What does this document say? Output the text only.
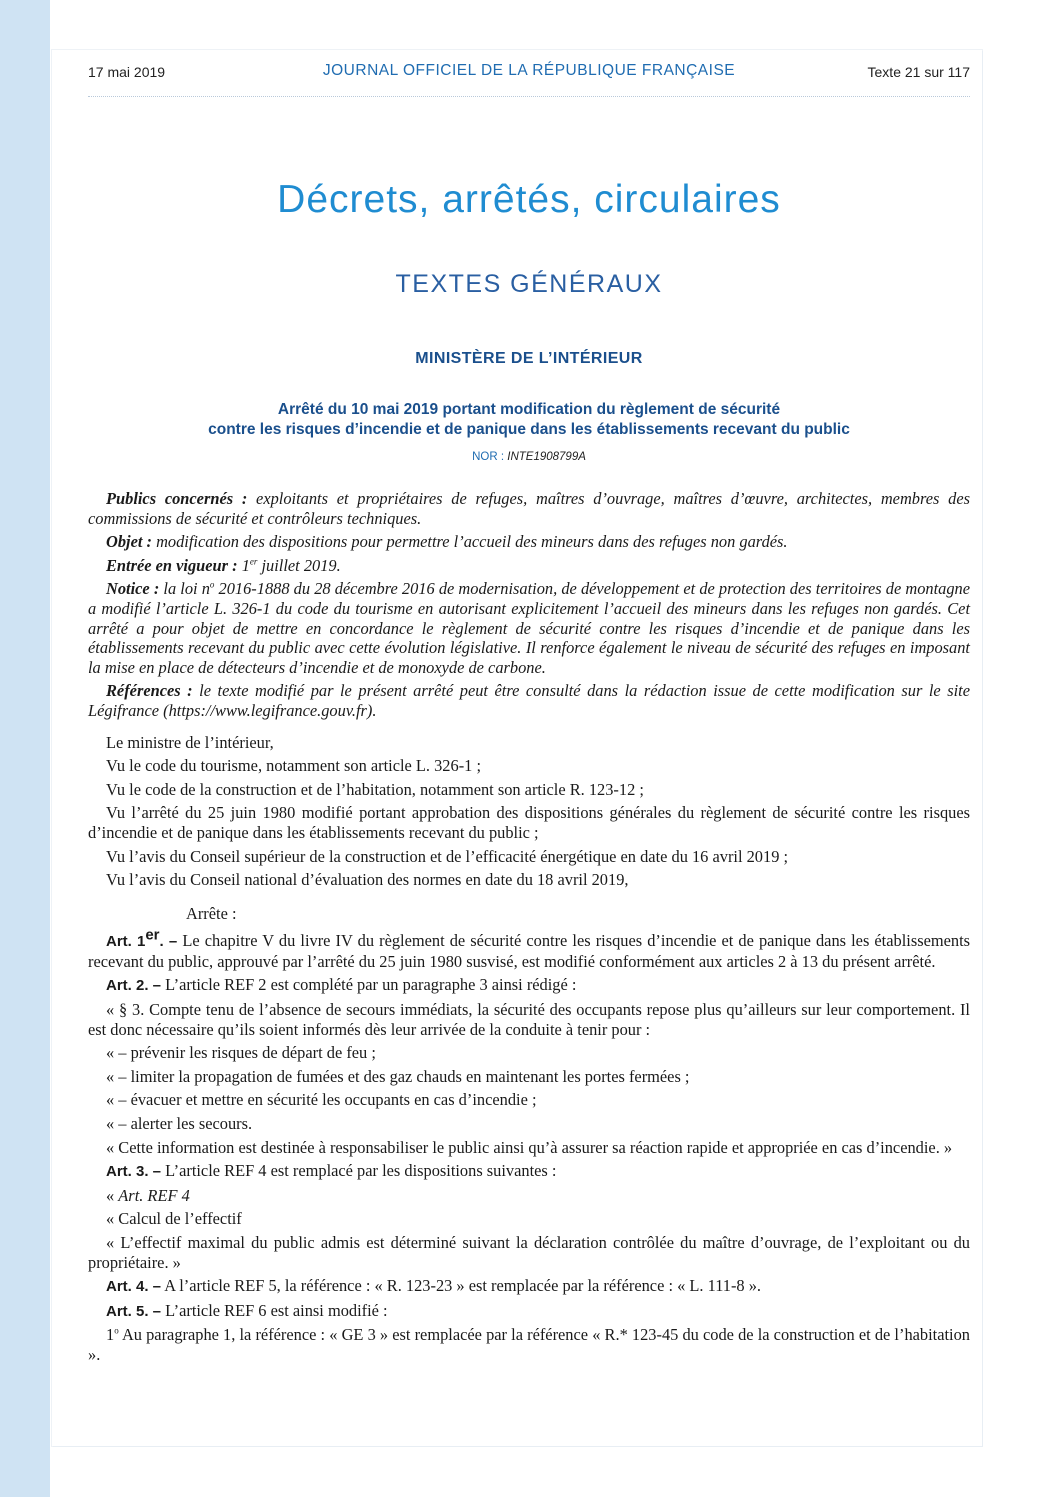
17 mai 2019	JOURNAL OFFICIEL DE LA RÉPUBLIQUE FRANÇAISE	Texte 21 sur 117
Décrets, arrêtés, circulaires
TEXTES GÉNÉRAUX
MINISTÈRE DE L’INTÉRIEUR
Arrêté du 10 mai 2019 portant modification du règlement de sécurité
contre les risques d’incendie et de panique dans les établissements recevant du public
NOR : INTE1908799A

Publics concernés : exploitants et propriétaires de refuges, maîtres d’ouvrage, maîtres d’œuvre, architectes, membres des commissions de sécurité et contrôleurs techniques.

Objet : modification des dispositions pour permettre l’accueil des mineurs dans des refuges non gardés.

Entrée en vigueur : 1er juillet 2019.

Notice : la loi $n^o$ 2016-1888 du 28 décembre 2016 de modernisation, de développement et de protection des territoires de montagne a modifié l’article L. 326-1 du code du tourisme en autorisant explicitement l’accueil des mineurs dans les refuges non gardés. Cet arrêté a pour objet de mettre en concordance le règlement de sécurité contre les risques d’incendie et de panique dans les établissements recevant du public avec cette évolution législative. Il renforce également le niveau de sécurité des refuges en imposant la mise en place de détecteurs d’incendie et de monoxyde de carbone.

Références : le texte modifié par le présent arrêté peut être consulté dans la rédaction issue de cette modification sur le site Légifrance (https://www.legifrance.gouv.fr).

Le ministre de l’intérieur,

Vu le code du tourisme, notamment son article L. 326-1 ;

Vu le code de la construction et de l’habitation, notamment son article R. 123-12 ;

Vu l’arrêté du 25 juin 1980 modifié portant approbation des dispositions générales du règlement de sécurité contre les risques d’incendie et de panique dans les établissements recevant du public ;

Vu l’avis du Conseil supérieur de la construction et de l’efficacité énergétique en date du 16 avril 2019 ;

Vu l’avis du Conseil national d’évaluation des normes en date du 18 avril 2019,

Arrête :

Art. 1er. – Le chapitre V du livre IV du règlement de sécurité contre les risques d’incendie et de panique dans les établissements recevant du public, approuvé par l’arrêté du 25 juin 1980 susvisé, est modifié conformément aux articles 2 à 13 du présent arrêté.

Art. 2. – L’article REF 2 est complété par un paragraphe 3 ainsi rédigé :

« § 3. Compte tenu de l’absence de secours immédiats, la sécurité des occupants repose plus qu’ailleurs sur leur comportement. Il est donc nécessaire qu’ils soient informés dès leur arrivée de la conduite à tenir pour :

« – prévenir les risques de départ de feu ;

« – limiter la propagation de fumées et des gaz chauds en maintenant les portes fermées ;

« – évacuer et mettre en sécurité les occupants en cas d’incendie ;

« – alerter les secours.

« Cette information est destinée à responsabiliser le public ainsi qu’à assurer sa réaction rapide et appropriée en cas d’incendie. »

Art. 3. – L’article REF 4 est remplacé par les dispositions suivantes :

« Art. REF 4

« Calcul de l’effectif

« L’effectif maximal du public admis est déterminé suivant la déclaration contrôlée du maître d’ouvrage, de l’exploitant ou du propriétaire. »

Art. 4. – A l’article REF 5, la référence : « R. 123-23 » est remplacée par la référence : « L. 111-8 ».

Art. 5. – L’article REF 6 est ainsi modifié :

1$^o$ Au paragraphe 1, la référence : « GE 3 » est remplacée par la référence « R.* 123-45 du code de la construction et de l’habitation ».
